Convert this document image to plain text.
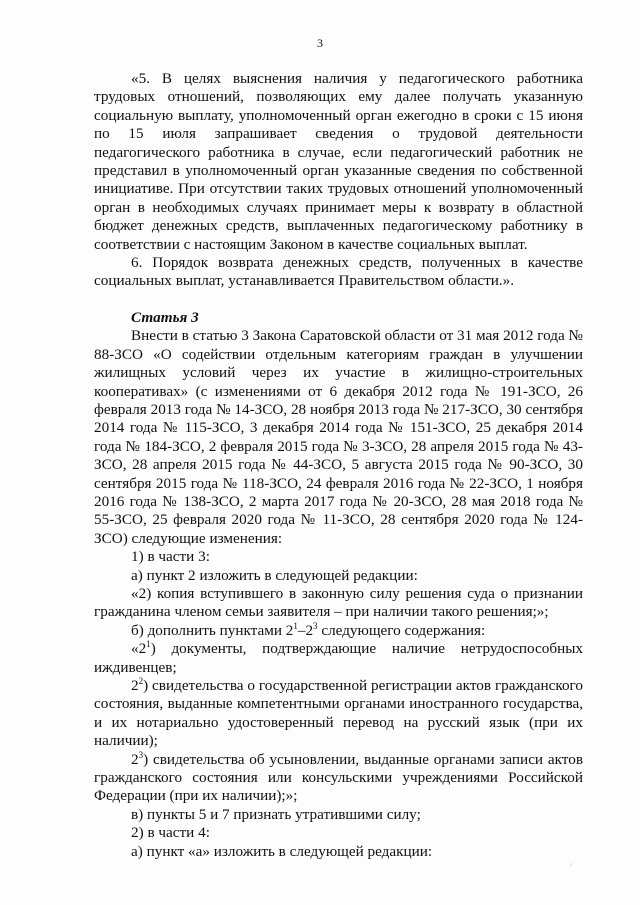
3

«5. В целях выяснения наличия у педагогического работника трудовых отношений, позволяющих ему далее получать указанную социальную выплату, уполномоченный орган ежегодно в сроки с 15 июня по 15 июля запрашивает сведения о трудовой деятельности педагогического работника в случае, если педагогический работник не представил в уполномоченный орган указанные сведения по собственной инициативе. При отсутствии таких трудовых отношений уполномоченный орган в необходимых случаях принимает меры к возврату в областной бюджет денежных средств, выплаченных педагогическому работнику в соответствии с настоящим Законом в качестве социальных выплат.

6. Порядок возврата денежных средств, полученных в качестве социальных выплат, устанавливается Правительством области.».

Статья 3

Внести в статью 3 Закона Саратовской области от 31 мая 2012 года № 88-ЗСО «О содействии отдельным категориям граждан в улучшении жилищных условий через их участие в жилищно-строительных кооперативах» (с изменениями от 6 декабря 2012 года № 191-ЗСО, 26 февраля 2013 года № 14-ЗСО, 28 ноября 2013 года № 217-ЗСО, 30 сентября 2014 года № 115-ЗСО, 3 декабря 2014 года № 151-ЗСО, 25 декабря 2014 года № 184-ЗСО, 2 февраля 2015 года № 3-ЗСО, 28 апреля 2015 года № 43-ЗСО, 28 апреля 2015 года № 44-ЗСО, 5 августа 2015 года № 90-ЗСО, 30 сентября 2015 года № 118-ЗСО, 24 февраля 2016 года № 22-ЗСО, 1 ноября 2016 года № 138-ЗСО, 2 марта 2017 года № 20-ЗСО, 28 мая 2018 года № 55-ЗСО, 25 февраля 2020 года № 11-ЗСО, 28 сентября 2020 года № 124-ЗСО) следующие изменения:

1) в части 3:

а) пункт 2 изложить в следующей редакции:

«2) копия вступившего в законную силу решения суда о признании гражданина членом семьи заявителя – при наличии такого решения;»;

б) дополнить пунктами $2^1-2^3$ следующего содержания:

«$2^1$) документы, подтверждающие наличие нетрудоспособных иждивенцев;

$2^2$) свидетельства о государственной регистрации актов гражданского состояния, выданные компетентными органами иностранного государства, и их нотариально удостоверенный перевод на русский язык (при их наличии);

$2^3$) свидетельства об усыновлении, выданные органами записи актов гражданского состояния или консульскими учреждениями Российской Федерации (при их наличии);»;

в) пункты 5 и 7 признать утратившими силу;

2) в части 4:

а) пункт «а» изложить в следующей редакции:

⸝
